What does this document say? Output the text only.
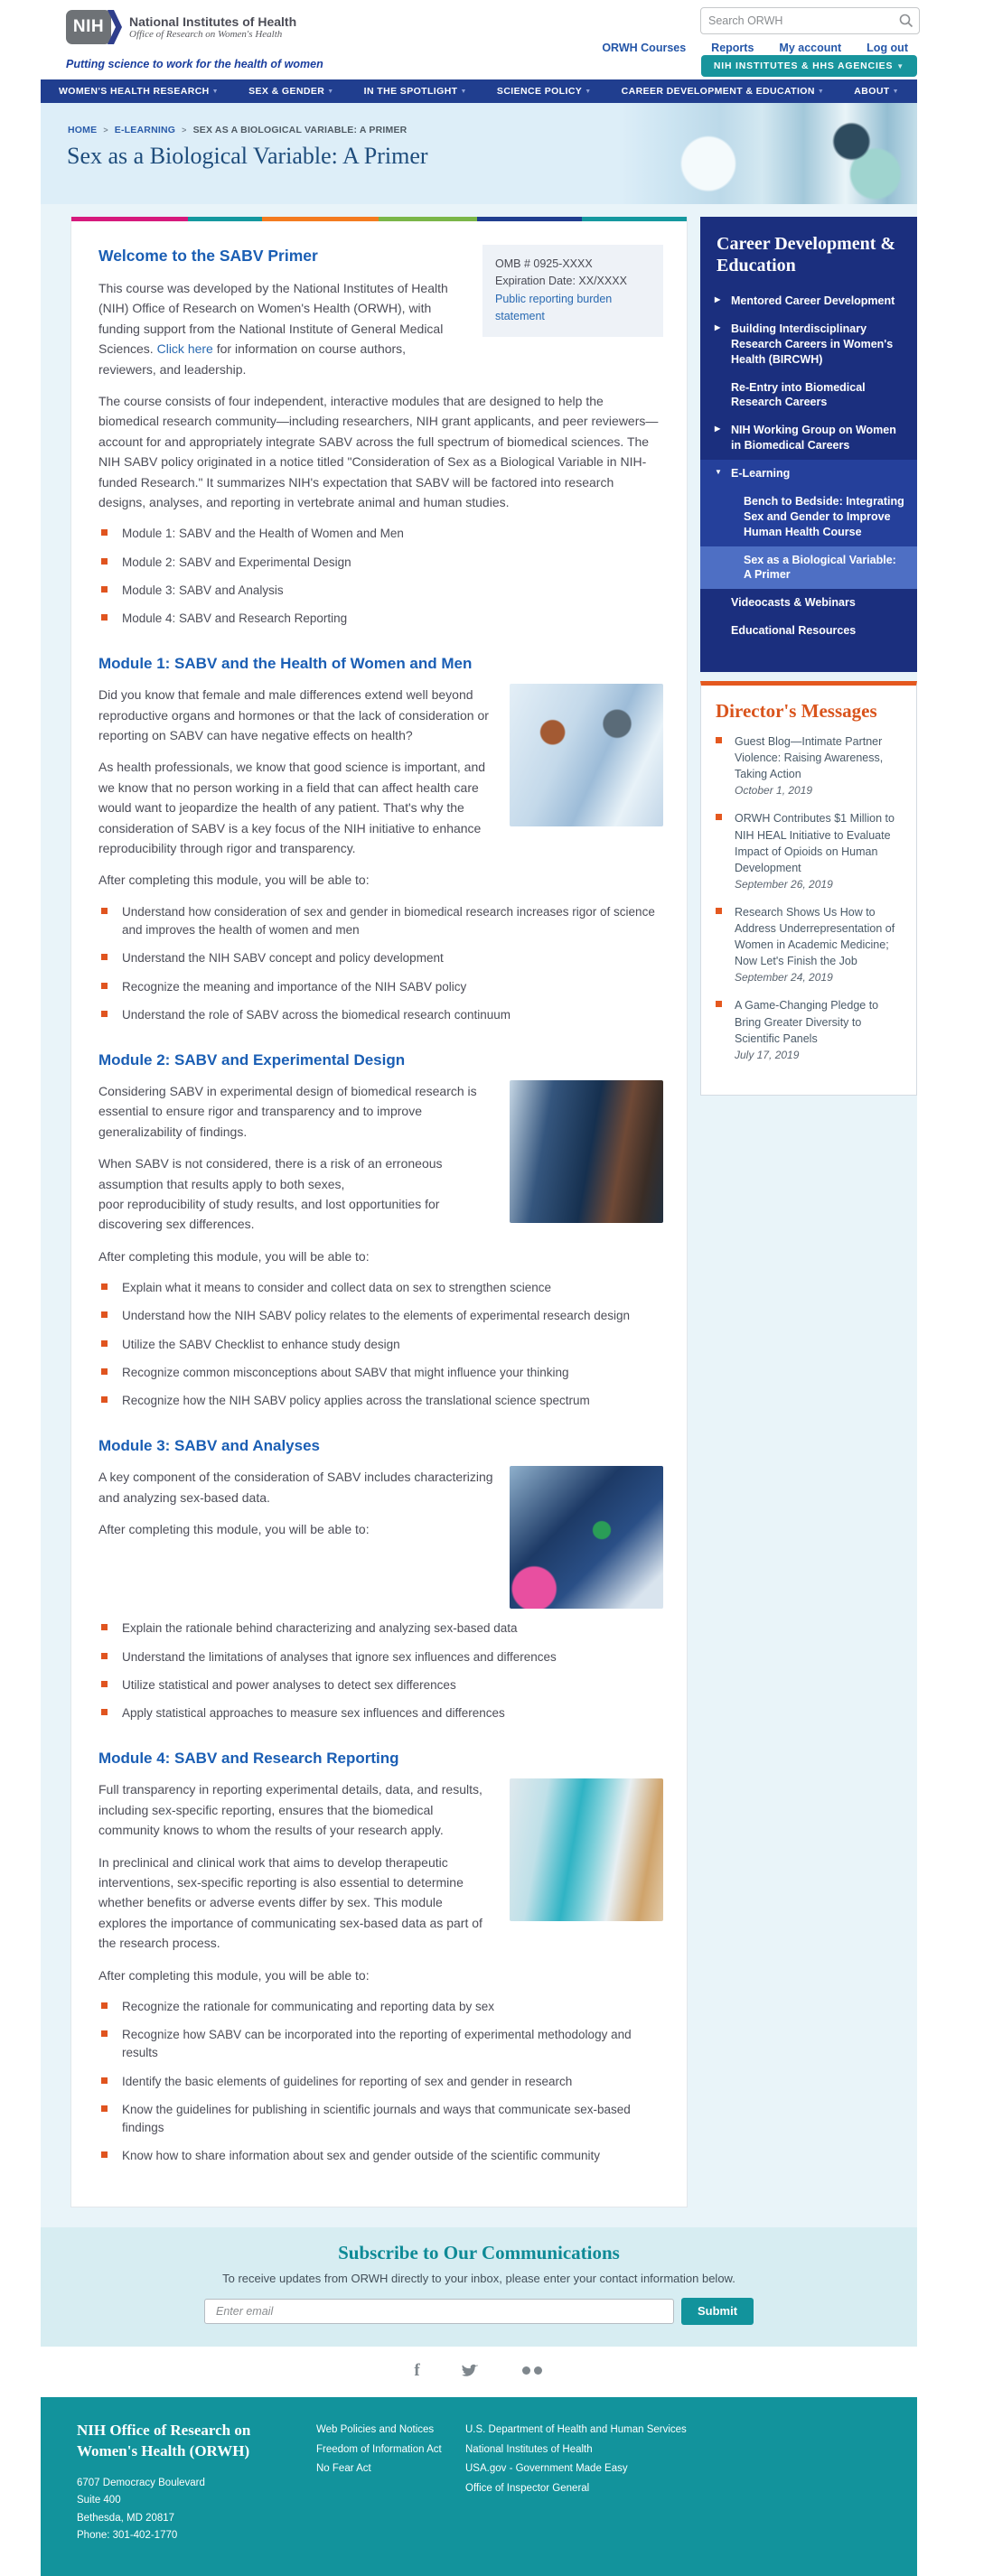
NIH	National Institutes of Health
Office of Research on Women's Health
Search ORWH
ORWH Courses Reports My account Log out
Putting science to work for the health of women	NIH INSTITUTES & HHS AGENCIES ▼
WOMEN'S HEALTH RESEARCH ▼	SEX & GENDER ▼	IN THE SPOTLIGHT ▼	SCIENCE POLICY ▼	CAREER DEVELOPMENT & EDUCATION ▼	ABOUT ▼
HOME > E-LEARNING > SEX AS A BIOLOGICAL VARIABLE: A PRIMER
Sex as a Biological Variable: A Primer
OMB # 0925-XXXX
Expiration Date: XX/XXXX
Public reporting burden statement
Welcome to the SABV Primer

This course was developed by the National Institutes of Health (NIH) Office of Research on Women's Health (ORWH), with funding support from the National Institute of General Medical Sciences. Click here for information on course authors, reviewers, and leadership.

The course consists of four independent, interactive modules that are designed to help the biomedical research community—including researchers, NIH grant applicants, and peer reviewers—account for and appropriately integrate SABV across the full spectrum of biomedical sciences. The NIH SABV policy originated in a notice titled "Consideration of Sex as a Biological Variable in NIH-funded Research." It summarizes NIH's expectation that SABV will be factored into research designs, analyses, and reporting in vertebrate animal and human studies.

Module 1: SABV and the Health of Women and Men
Module 2: SABV and Experimental Design
Module 3: SABV and Analysis
Module 4: SABV and Research Reporting
Module 1: SABV and the Health of Women and Men

Did you know that female and male differences extend well beyond reproductive organs and hormones or that the lack of consideration or reporting on SABV can have negative effects on health?

As health professionals, we know that good science is important, and we know that no person working in a field that can affect health care would want to jeopardize the health of any patient. That's why the consideration of SABV is a key focus of the NIH initiative to enhance reproducibility through rigor and transparency.

After completing this module, you will be able to:

Understand how consideration of sex and gender in biomedical research increases rigor of science and improves the health of women and men
Understand the NIH SABV concept and policy development
Recognize the meaning and importance of the NIH SABV policy
Understand the role of SABV across the biomedical research continuum
Module 2: SABV and Experimental Design

Considering SABV in experimental design of biomedical research is essential to ensure rigor and transparency and to improve generalizability of findings.

When SABV is not considered, there is a risk of an erroneous assumption that results apply to both sexes,
poor reproducibility of study results, and lost opportunities for discovering sex differences.

After completing this module, you will be able to:

Explain what it means to consider and collect data on sex to strengthen science
Understand how the NIH SABV policy relates to the elements of experimental research design
Utilize the SABV Checklist to enhance study design
Recognize common misconceptions about SABV that might influence your thinking
Recognize how the NIH SABV policy applies across the translational science spectrum
Module 3: SABV and Analyses

A key component of the consideration of SABV includes characterizing and analyzing sex-based data.

After completing this module, you will be able to:

Explain the rationale behind characterizing and analyzing sex-based data
Understand the limitations of analyses that ignore sex influences and differences
Utilize statistical and power analyses to detect sex differences
Apply statistical approaches to measure sex influences and differences
Module 4: SABV and Research Reporting

Full transparency in reporting experimental details, data, and results, including sex-specific reporting, ensures that the biomedical community knows to whom the results of your research apply.

In preclinical and clinical work that aims to develop therapeutic interventions, sex-specific reporting is also essential to determine whether benefits or adverse events differ by sex. This module explores the importance of communicating sex-based data as part of the research process.

After completing this module, you will be able to:

Recognize the rationale for communicating and reporting data by sex
Recognize how SABV can be incorporated into the reporting of experimental methodology and results
Identify the basic elements of guidelines for reporting of sex and gender in research
Know the guidelines for publishing in scientific journals and ways that communicate sex-based findings
Know how to share information about sex and gender outside of the scientific community
Career Development & Education
▶ Mentored Career Development
▶ Building Interdisciplinary Research Careers in Women's Health (BIRCWH)
Re-Entry into Biomedical Research Careers
▶ NIH Working Group on Women in Biomedical Careers
▼ E-Learning
Bench to Bedside: Integrating Sex and Gender to Improve Human Health Course
Sex as a Biological Variable: A Primer
Videocasts & Webinars
Educational Resources
Director's Messages
Guest Blog—Intimate Partner Violence: Raising Awareness, Taking Action
October 1, 2019
ORWH Contributes $1 Million to NIH HEAL Initiative to Evaluate Impact of Opioids on Human Development
September 26, 2019
Research Shows Us How to Address Underrepresentation of Women in Academic Medicine; Now Let's Finish the Job
September 24, 2019
A Game-Changing Pledge to Bring Greater Diversity to Scientific Panels
July 17, 2019
Subscribe to Our Communications
To receive updates from ORWH directly to your inbox, please enter your contact information below.
Enter email
Submit
f
NIH Office of Research on Women's Health (ORWH)
6707 Democracy Boulevard
Suite 400
Bethesda, MD 20817
Phone: 301-402-1770
Web Policies and Notices
Freedom of Information Act
No Fear Act
U.S. Department of Health and Human Services
National Institutes of Health
USA.gov - Government Made Easy
Office of Inspector General
